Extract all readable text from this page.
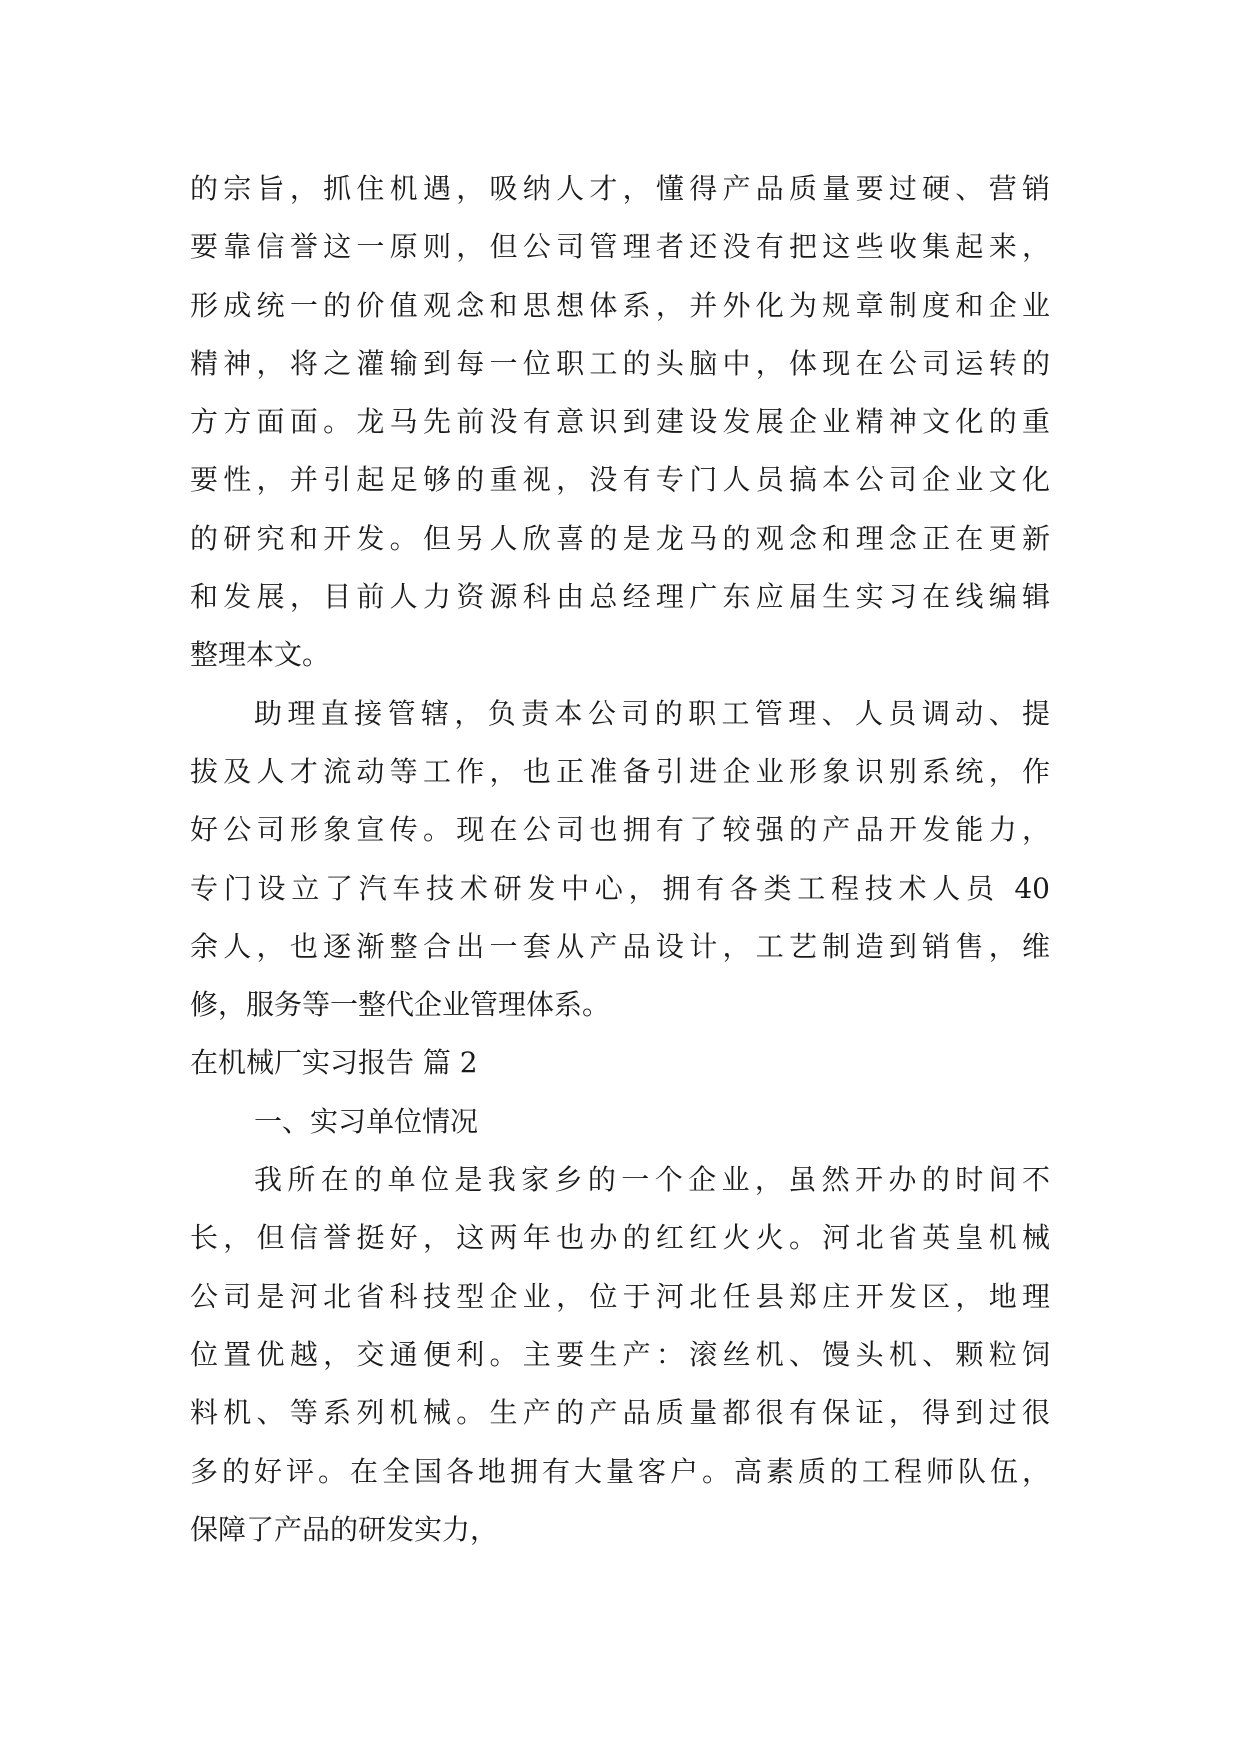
的宗旨，抓住机遇，吸纳人才，懂得产品质量要过硬、营销
要靠信誉这一原则，但公司管理者还没有把这些收集起来，
形成统一的价值观念和思想体系，并外化为规章制度和企业
精神，将之灌输到每一位职工的头脑中，体现在公司运转的
方方面面。龙马先前没有意识到建设发展企业精神文化的重
要性，并引起足够的重视，没有专门人员搞本公司企业文化
的研究和开发。但另人欣喜的是龙马的观念和理念正在更新
和发展，目前人力资源科由总经理广东应届生实习在线编辑
整理本文。
助理直接管辖，负责本公司的职工管理、人员调动、提
拔及人才流动等工作，也正准备引进企业形象识别系统，作
好公司形象宣传。现在公司也拥有了较强的产品开发能力，
专门设立了汽车技术研发中心，拥有各类工程技术人员 40
余人，也逐渐整合出一套从产品设计，工艺制造到销售，维
修，服务等一整代企业管理体系。
在机械厂实习报告 篇 2
一、实习单位情况
我所在的单位是我家乡的一个企业，虽然开办的时间不
长，但信誉挺好，这两年也办的红红火火。河北省英皇机械
公司是河北省科技型企业，位于河北任县郑庄开发区，地理
位置优越，交通便利。主要生产：滚丝机、馒头机、颗粒饲
料机、等系列机械。生产的产品质量都很有保证，得到过很
多的好评。在全国各地拥有大量客户。高素质的工程师队伍，
保障了产品的研发实力，
